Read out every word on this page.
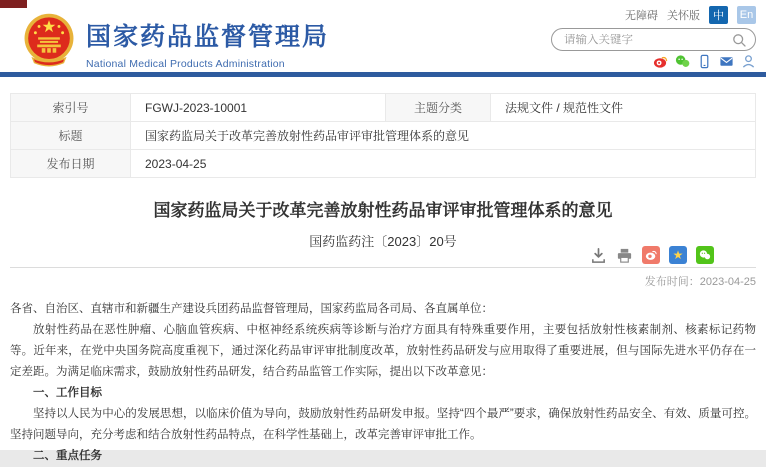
国家药品监督管理局
National Medical Products Administration
无障碍 关怀版	中	En
请输入关键字
索引号	FGWJ-2023-10001	主题分类	法规文件 / 规范性文件
标题	国家药监局关于改革完善放射性药品审评审批管理体系的意见
发布日期	2023-04-25
国家药监局关于改革完善放射性药品审评审批管理体系的意见
国药监药注〔2023〕20号
★
发布时间：2023-04-25

各省、自治区、直辖市和新疆生产建设兵团药品监督管理局，国家药监局各司局、各直属单位：

放射性药品在恶性肿瘤、心脑血管疾病、中枢神经系统疾病等诊断与治疗方面具有特殊重要作用，主要包括放射性核素制剂、核素标记药物等。近年来，在党中央国务院高度重视下，通过深化药品审评审批制度改革，放射性药品研发与应用取得了重要进展，但与国际先进水平仍存在一定差距。为满足临床需求，鼓励放射性药品研发，结合药品监管工作实际，提出以下改革意见：

一、工作目标

坚持以人民为中心的发展思想，以临床价值为导向，鼓励放射性药品研发申报。坚持“四个最严”要求，确保放射性药品安全、有效、质量可控。坚持问题导向，充分考虑和结合放射性药品特点，在科学性基础上，改革完善审评审批工作。

二、重点任务
